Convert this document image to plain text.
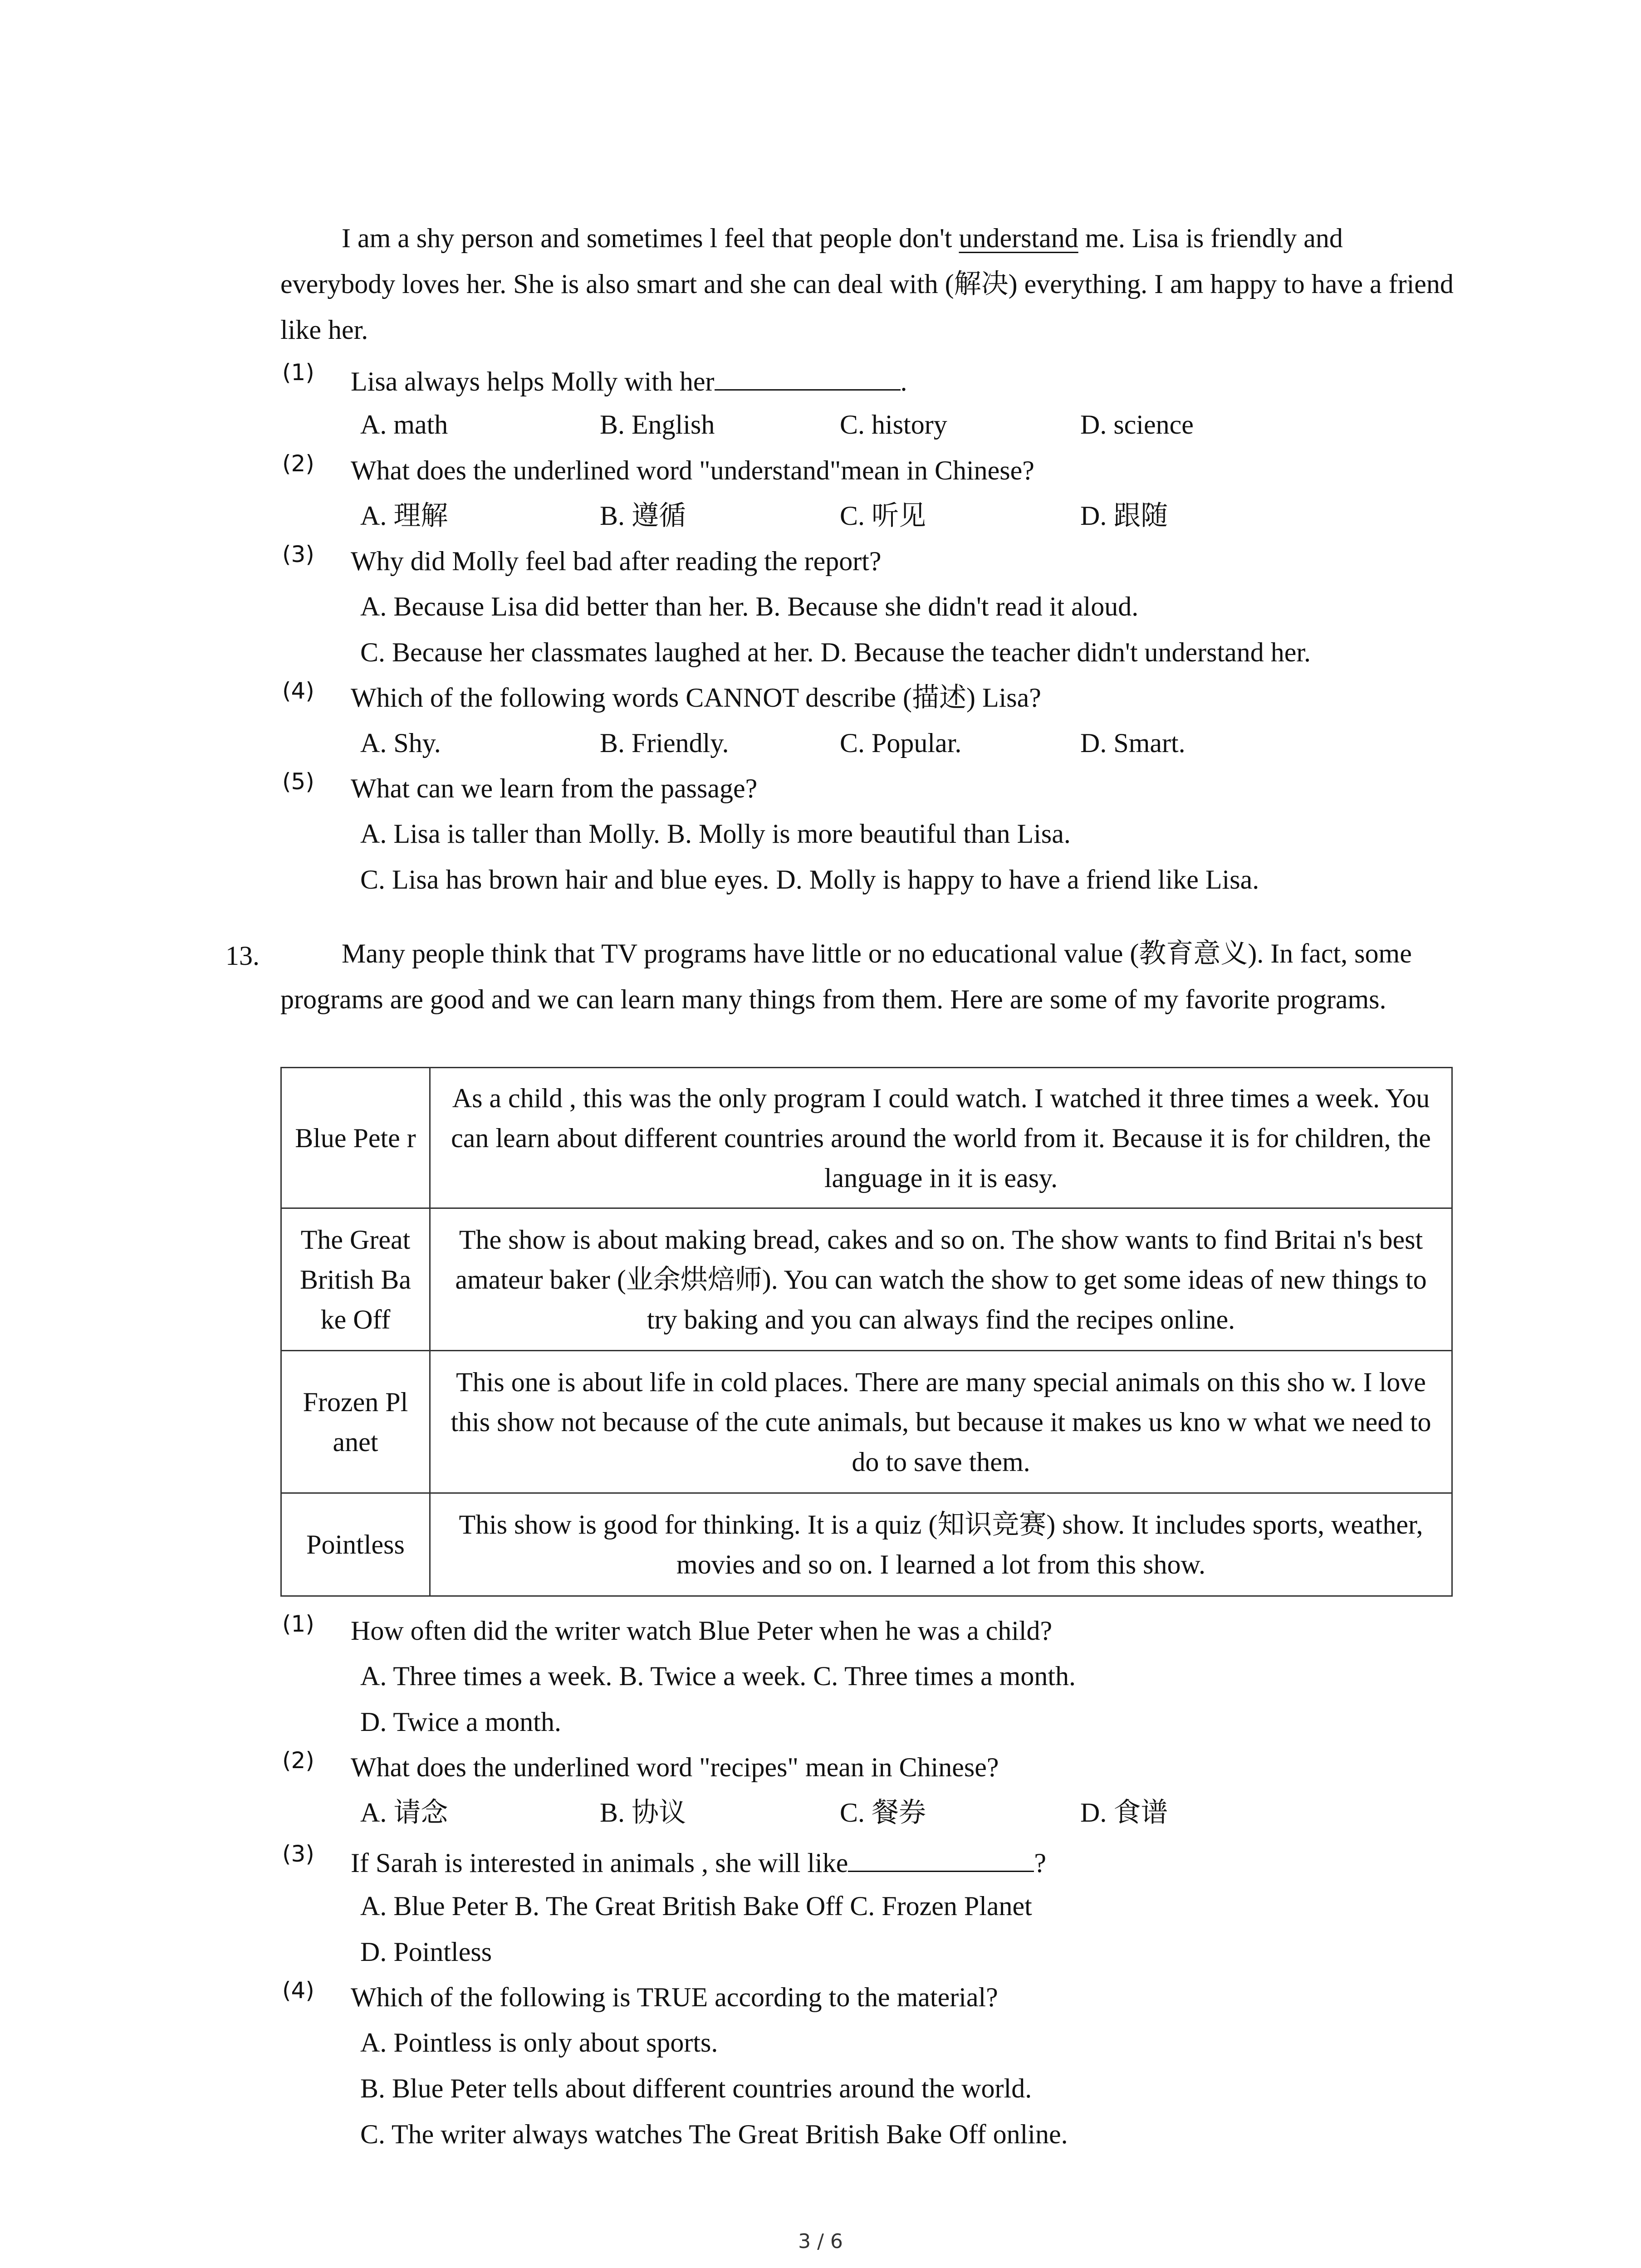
I am a shy person and sometimes l feel that people don't understand me. Lisa is friendly and everybody loves her. She is also smart and she can deal with (解决) everything. I am happy to have a friend like her.
(1) Lisa always helps Molly with her	.
A. math	B. English	C. history	D. science
(2) What does the underlined word "understand"mean in Chinese?
A. 理解	B. 遵循	C. 听见	D. 跟随
(3) Why did Molly feel bad after reading the report?
A. Because Lisa did better than her. B. Because she didn't read it aloud.
C. Because her classmates laughed at her. D. Because the teacher didn't understand her.
(4) Which of the following words CANNOT describe (描述) Lisa?
A. Shy.	B. Friendly.	C. Popular.	D. Smart.
(5) What can we learn from the passage?
A. Lisa is taller than Molly. B. Molly is more beautiful than Lisa.
C. Lisa has brown hair and blue eyes. D. Molly is happy to have a friend like Lisa.
13.	Many people think that TV programs have little or no educational value (教育意义). In fact, some programs are good and we can learn many things from them. Here are some of my favorite programs.
Blue Pete r	As a child , this was the only program I could watch. I watched it three times a week. You can learn about different countries around the world from it. Because it is for children, the language in it is easy.
The Great British Ba ke Off	The show is about making bread, cakes and so on. The show wants to find Britai n's best amateur baker (业余烘焙师). You can watch the show to get some ideas of new things to try baking and you can always find the recipes online.
Frozen Pl anet	This one is about life in cold places. There are many special animals on this sho w. I love this show not because of the cute animals, but because it makes us kno w what we need to do to save them.
Pointless	This show is good for thinking. It is a quiz (知识竞赛) show. It includes sports, weather, movies and so on. I learned a lot from this show.
(1) How often did the writer watch Blue Peter when he was a child?
A. Three times a week. B. Twice a week. C. Three times a month.
D. Twice a month.
(2) What does the underlined word "recipes" mean in Chinese?
A. 请念	B. 协议	C. 餐券	D. 食谱
(3) If Sarah is interested in animals , she will like	?
A. Blue Peter B. The Great British Bake Off C. Frozen Planet
D. Pointless
(4) Which of the following is TRUE according to the material?
A. Pointless is only about sports.
B. Blue Peter tells about different countries around the world.
C. The writer always watches The Great British Bake Off online.
3 / 6
